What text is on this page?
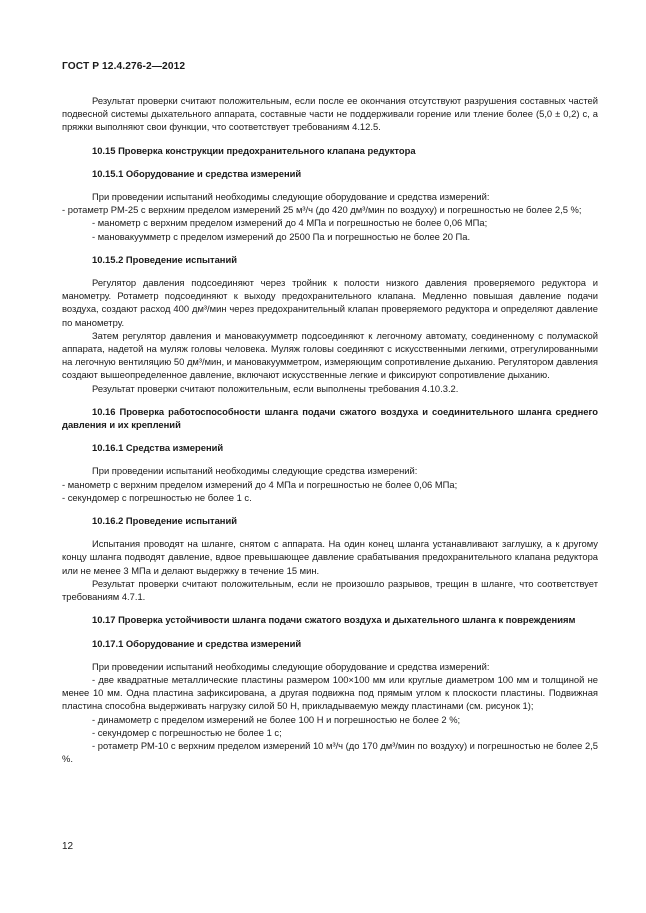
ГОСТ Р 12.4.276-2—2012

Результат проверки считают положительным, если после ее окончания отсутствуют разрушения составных частей подвесной системы дыхательного аппарата, составные части не поддерживали горение или тление более (5,0 ± 0,2) с, а пряжки выполняют свои функции, что соответствует требованиям 4.12.5.

10.15 Проверка конструкции предохранительного клапана редуктора

10.15.1 Оборудование и средства измерений

При проведении испытаний необходимы следующие оборудование и средства измерений:

- ротаметр РМ-25 с верхним пределом измерений 25 м³/ч (до 420 дм³/мин по воздуху) и погрешностью не более 2,5 %;

- манометр с верхним пределом измерений до 4 МПа и погрешностью не более 0,06 МПа;

- мановакуумметр с пределом измерений до 2500 Па и погрешностью не более 20 Па.

10.15.2 Проведение испытаний

Регулятор давления подсоединяют через тройник к полости низкого давления проверяемого редуктора и манометру. Ротаметр подсоединяют к выходу предохранительного клапана. Медленно повышая давление подачи воздуха, создают расход 400 дм³/мин через предохранительный клапан проверяемого редуктора и определяют давление по манометру.

Затем регулятор давления и мановакуумметр подсоединяют к легочному автомату, соединенному с полумаской аппарата, надетой на муляж головы человека. Муляж головы соединяют с искусственными легкими, отрегулированными на легочную вентиляцию 50 дм³/мин, и мановакуумметром, измеряющим сопротивление дыханию. Регулятором давления создают вышеопределенное давление, включают искусственные легкие и фиксируют сопротивление дыханию.

Результат проверки считают положительным, если выполнены требования 4.10.3.2.

10.16 Проверка работоспособности шланга подачи сжатого воздуха и соединительного шланга среднего давления и их креплений

10.16.1 Средства измерений

При проведении испытаний необходимы следующие средства измерений:

- манометр с верхним пределом измерений до 4 МПа и погрешностью не более 0,06 МПа;

- секундомер с погрешностью не более 1 с.

10.16.2 Проведение испытаний

Испытания проводят на шланге, снятом с аппарата. На один конец шланга устанавливают заглушку, а к другому концу шланга подводят давление, вдвое превышающее давление срабатывания предохранительного клапана редуктора или не менее 3 МПа и делают выдержку в течение 15 мин.

Результат проверки считают положительным, если не произошло разрывов, трещин в шланге, что соответствует требованиям 4.7.1.

10.17 Проверка устойчивости шланга подачи сжатого воздуха и дыхательного шланга к повреждениям

10.17.1 Оборудование и средства измерений

При проведении испытаний необходимы следующие оборудование и средства измерений:

- две квадратные металлические пластины размером 100×100 мм или круглые диаметром 100 мм и толщиной не менее 10 мм. Одна пластина зафиксирована, а другая подвижна под прямым углом к плоскости пластины. Подвижная пластина способна выдерживать нагрузку силой 50 Н, прикладываемую между пластинами (см. рисунок 1);

- динамометр с пределом измерений не более 100 Н и погрешностью не более 2 %;

- секундомер с погрешностью не более 1 с;

- ротаметр РМ-10 с верхним пределом измерений 10 м³/ч (до 170 дм³/мин по воздуху) и погрешностью не более 2,5 %.

12
